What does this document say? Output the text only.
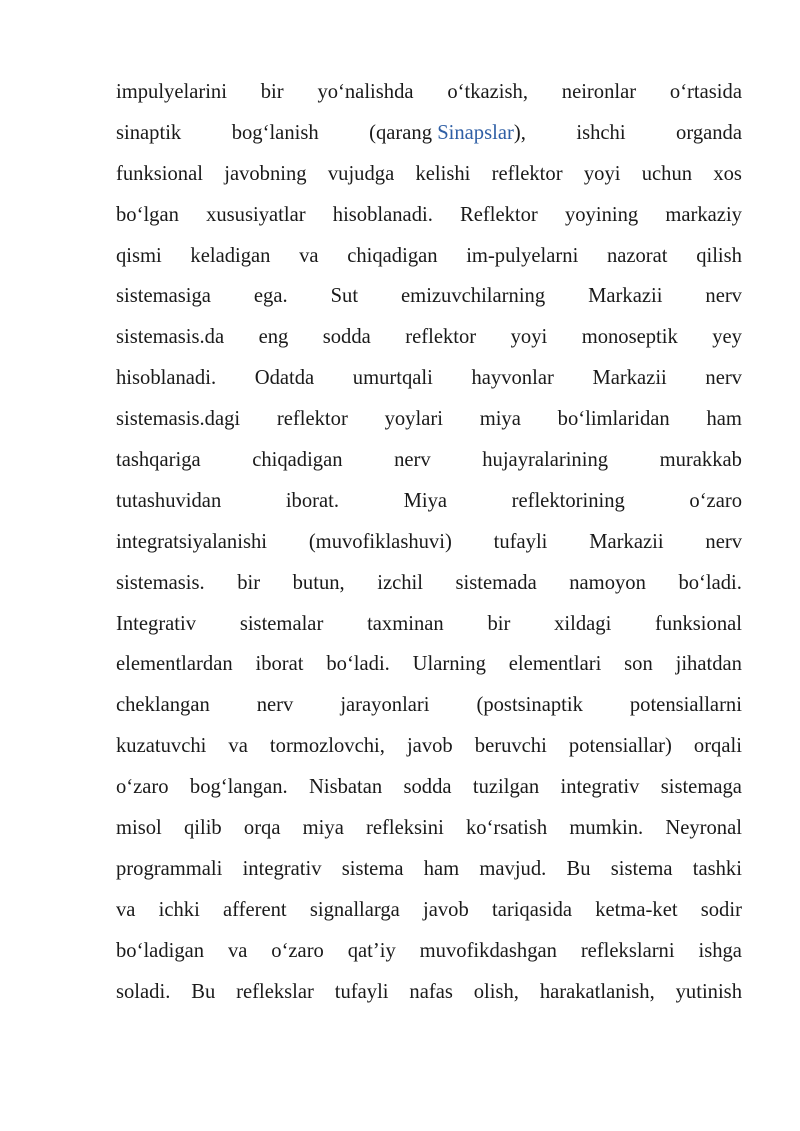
impulyelarini bir yo‘nalishda o‘tkazish, neironlar o‘rtasida
sinaptik bog‘lanish (qarang Sinapslar), ishchi organda
funksional javobning vujudga kelishi reflektor yoyi uchun xos
bo‘lgan xususiyatlar hisoblanadi. Reflektor yoyining markaziy
qismi keladigan va chiqadigan im-pulyelarni nazorat qilish
sistemasiga ega. Sut emizuvchilarning Markazii nerv
sistemasis.da eng sodda reflektor yoyi monoseptik yey
hisoblanadi. Odatda umurtqali hayvonlar Markazii nerv
sistemasis.dagi reflektor yoylari miya bo‘limlaridan ham
tashqariga	chiqadigan	nerv	hujayralarining	murakkab
tutashuvidan	iborat.	Miya	reflektorining	o‘zaro
integratsiyalanishi (muvofiklashuvi) tufayli Markazii nerv
sistemasis. bir butun, izchil sistemada namoyon bo‘ladi.
Integrativ sistemalar taxminan bir xildagi funksional
elementlardan iborat bo‘ladi. Ularning elementlari son jihatdan
cheklangan nerv jarayonlari (postsinaptik potensiallarni
kuzatuvchi va tormozlovchi, javob beruvchi potensiallar) orqali
o‘zaro bog‘langan. Nisbatan sodda tuzilgan integrativ sistemaga
misol qilib orqa miya refleksini ko‘rsatish mumkin. Neyronal
programmali integrativ sistema ham mavjud. Bu sistema tashki
va ichki afferent signallarga javob tariqasida ketma-ket sodir
bo‘ladigan va o‘zaro qat’iy muvofikdashgan reflekslarni ishga
soladi. Bu reflekslar tufayli nafas olish, harakatlanish, yutinish
